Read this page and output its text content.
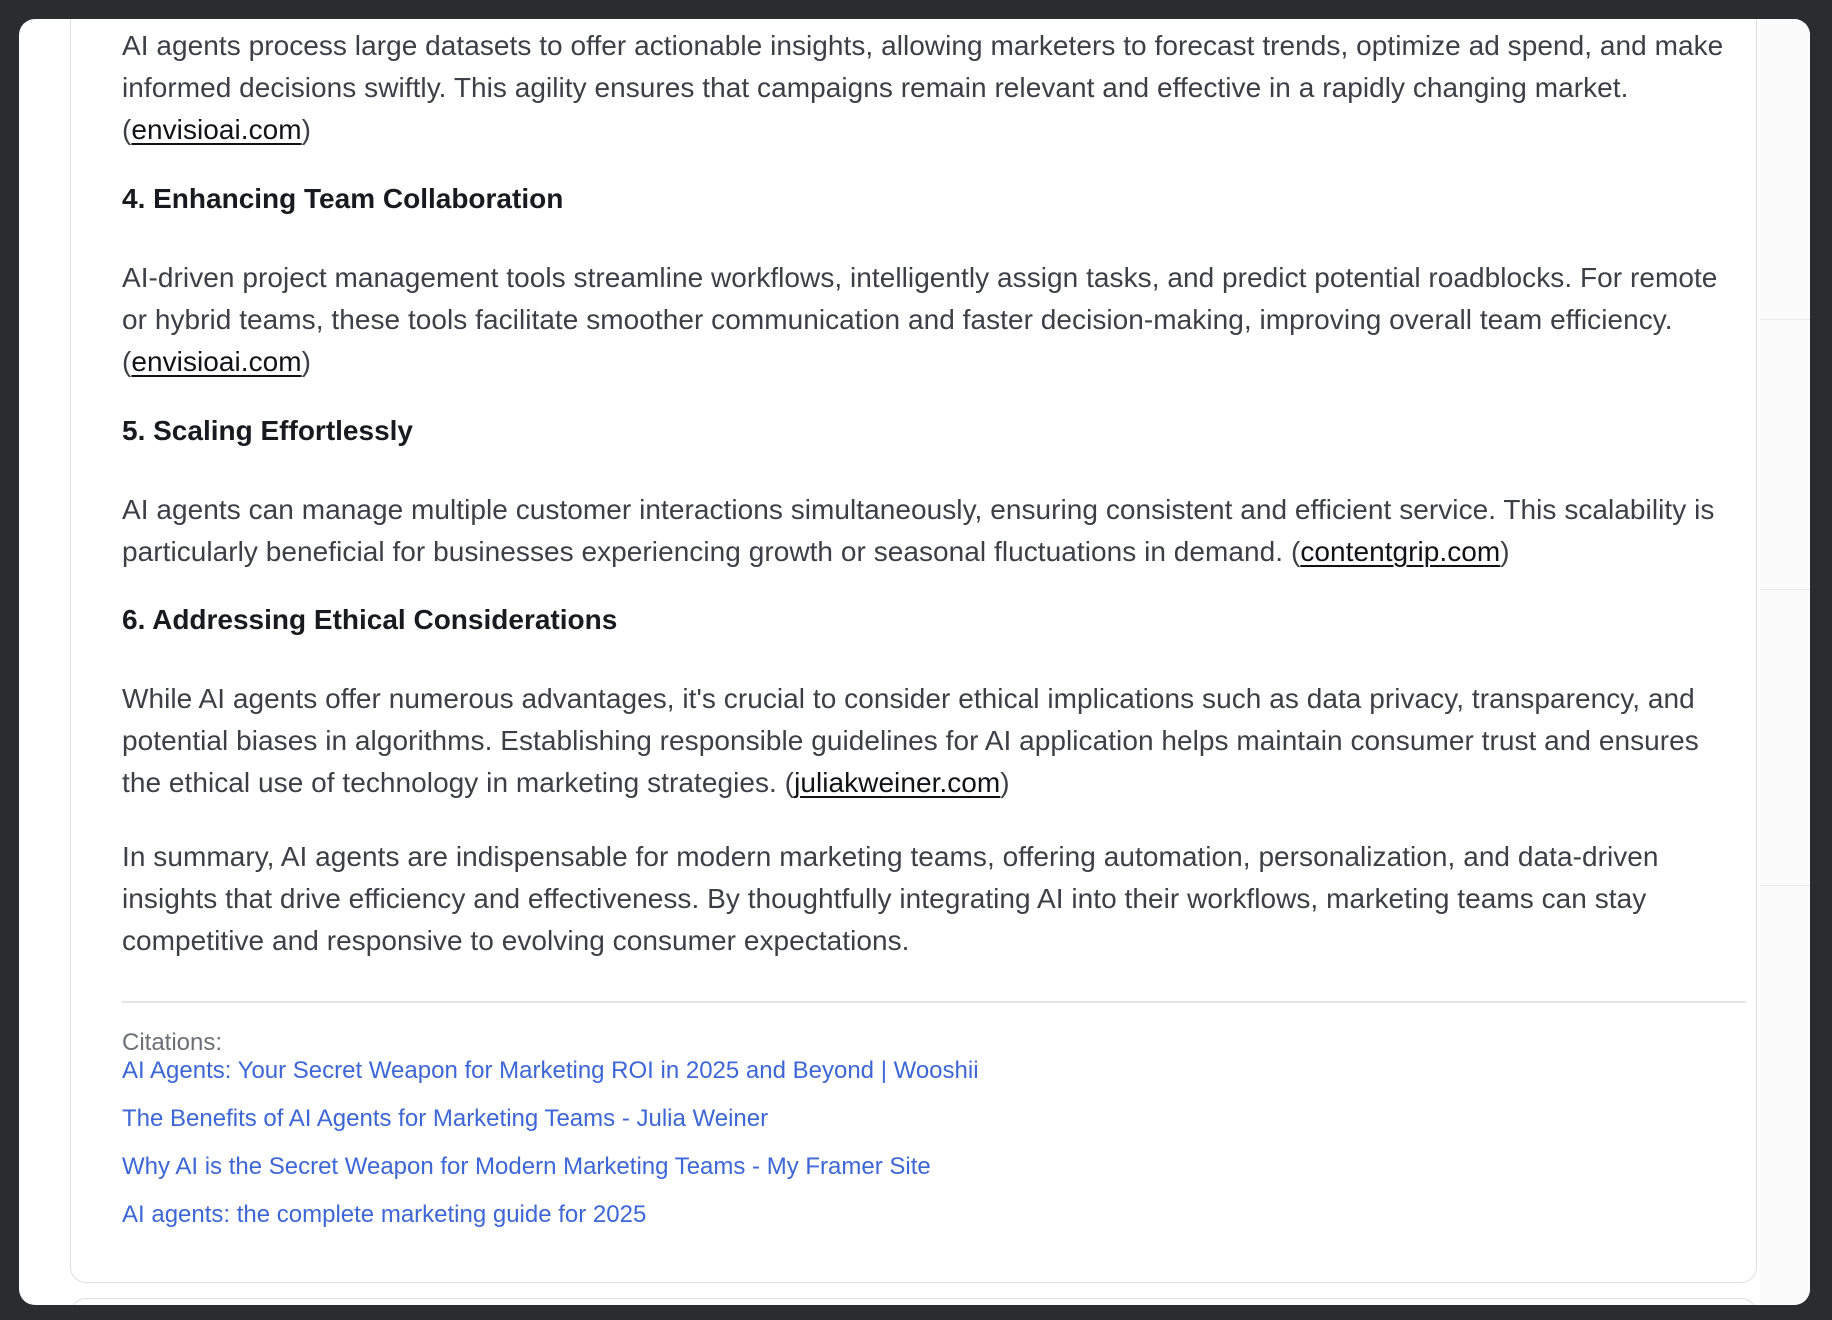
AI agents process large datasets to offer actionable insights, allowing marketers to forecast trends, optimize ad spend, and make informed decisions swiftly. This agility ensures that campaigns remain relevant and effective in a rapidly changing market. (envisioai.com)

4. Enhancing Team Collaboration

AI-driven project management tools streamline workflows, intelligently assign tasks, and predict potential roadblocks. For remote or hybrid teams, these tools facilitate smoother communication and faster decision-making, improving overall team efficiency. (envisioai.com)

5. Scaling Effortlessly

AI agents can manage multiple customer interactions simultaneously, ensuring consistent and efficient service. This scalability is particularly beneficial for businesses experiencing growth or seasonal fluctuations in demand. (contentgrip.com)

6. Addressing Ethical Considerations

While AI agents offer numerous advantages, it's crucial to consider ethical implications such as data privacy, transparency, and potential biases in algorithms. Establishing responsible guidelines for AI application helps maintain consumer trust and ensures the ethical use of technology in marketing strategies. (juliakweiner.com)

In summary, AI agents are indispensable for modern marketing teams, offering automation, personalization, and data-driven insights that drive efficiency and effectiveness. By thoughtfully integrating AI into their workflows, marketing teams can stay competitive and responsive to evolving consumer expectations.

Citations:
AI Agents: Your Secret Weapon for Marketing ROI in 2025 and Beyond | Wooshii
The Benefits of AI Agents for Marketing Teams - Julia Weiner
Why AI is the Secret Weapon for Modern Marketing Teams - My Framer Site
AI agents: the complete marketing guide for 2025
